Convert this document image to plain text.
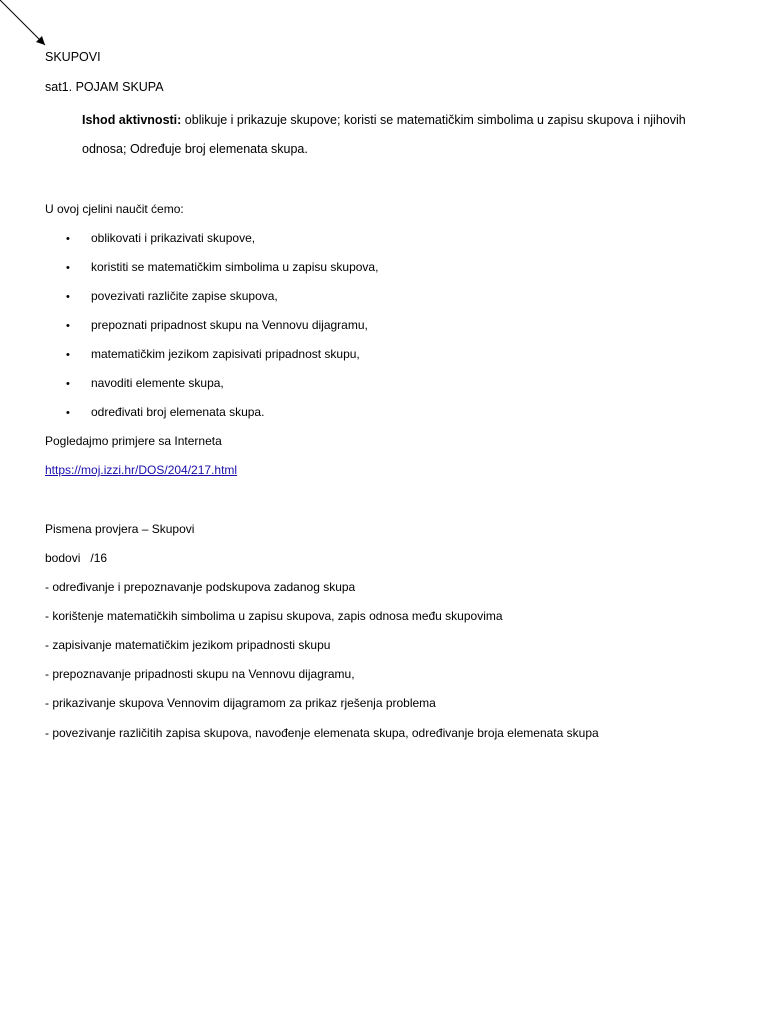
SKUPOVI
sat1. POJAM SKUPA
Ishod aktivnosti: oblikuje i prikazuje skupove; koristi se matematičkim simbolima u zapisu skupova i njihovih odnosa; Određuje broj elemenata skupa.
U ovoj cjelini naučit ćemo:
• oblikovati i prikazivati skupove,
• koristiti se matematičkim simbolima u zapisu skupova,
• povezivati različite zapise skupova,
• prepoznati pripadnost skupu na Vennovu dijagramu,
• matematičkim jezikom zapisivati pripadnost skupu,
• navoditi elemente skupa,
• određivati broj elemenata skupa.
Pogledajmo primjere sa Interneta
https://moj.izzi.hr/DOS/204/217.html
Pismena provjera – Skupovi
bodovi   /16
- određivanje i prepoznavanje podskupova zadanog skupa
- korištenje matematičkih simbolima u zapisu skupova, zapis odnosa među skupovima
- zapisivanje matematičkim jezikom pripadnosti skupu
- prepoznavanje pripadnosti skupu na Vennovu dijagramu,
- prikazivanje skupova Vennovim dijagramom za prikaz rješenja problema
- povezivanje različitih zapisa skupova, navođenje elemenata skupa, određivanje broja elemenata skupa
